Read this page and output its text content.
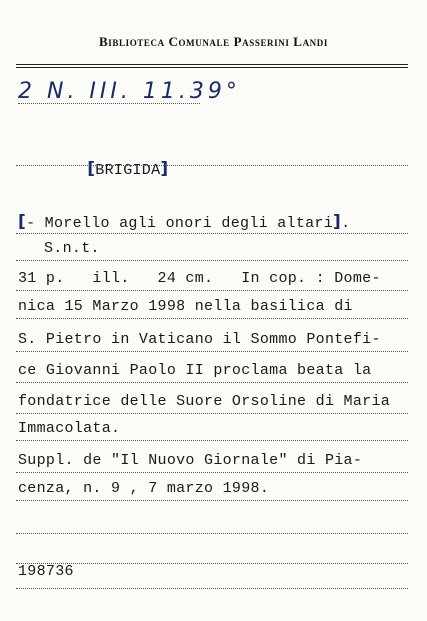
Biblioteca Comunale Passerini Landi
2 N. III. 11.39°

[BRIGIDA]

[- Morello agli onori degli altari].
S.n.t.
31 p.   ill.   24 cm.   In cop. : Dome-
nica 15 Marzo 1998 nella basilica di
S. Pietro in Vaticano il Sommo Pontefi-
ce Giovanni Paolo II proclama beata la
fondatrice delle Suore Orsoline di Maria
Immacolata.
Suppl. de "Il Nuovo Giornale" di Pia-
cenza, n. 9 , 7 marzo 1998.
198736
